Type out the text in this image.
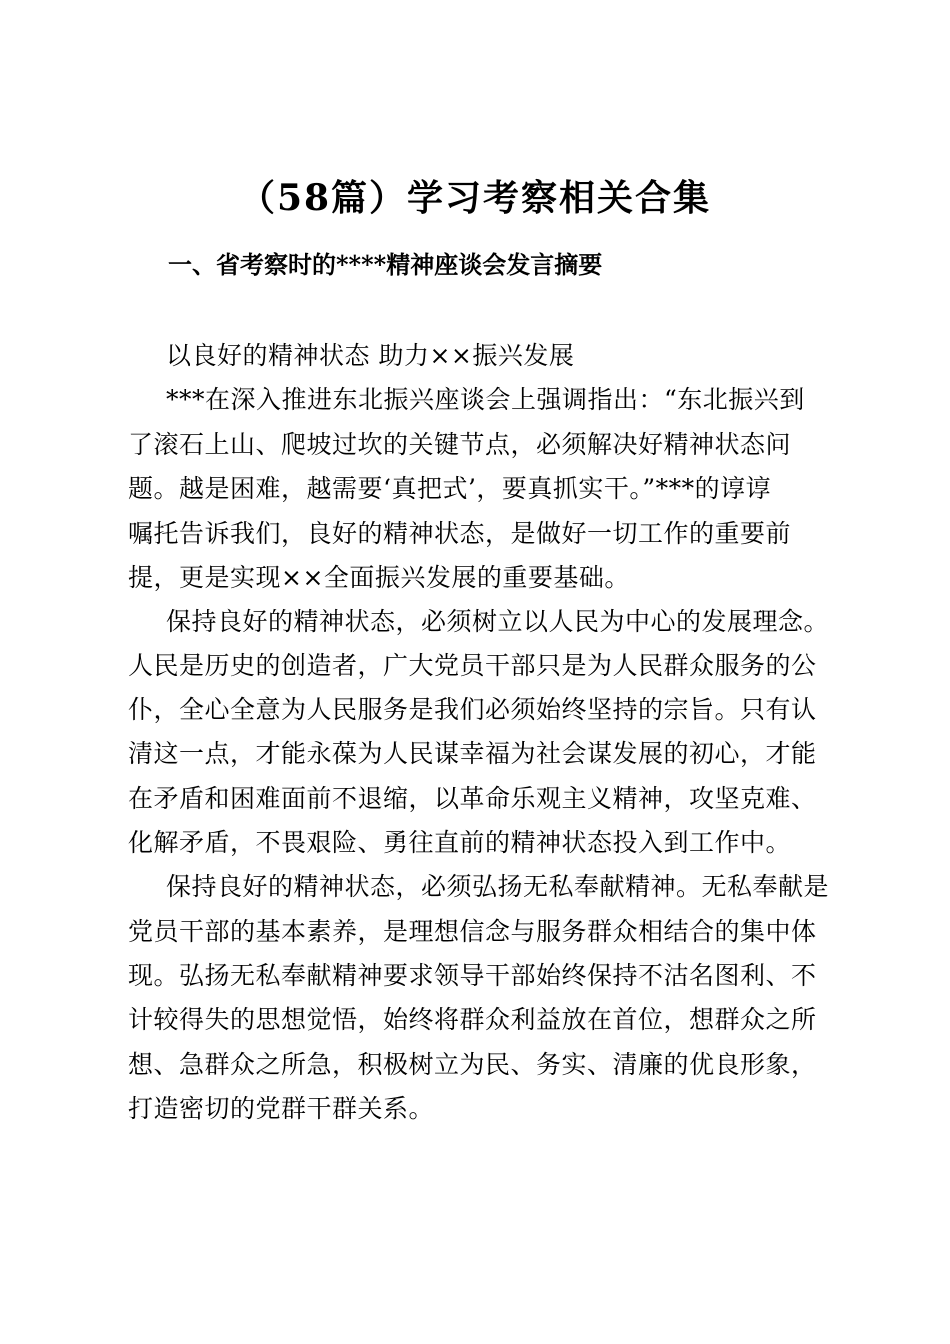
（58篇）学习考察相关合集
一、省考察时的****精神座谈会发言摘要
以良好的精神状态 助力××振兴发展
***在深入推进东北振兴座谈会上强调指出：“东北振兴到
了滚石上山、爬坡过坎的关键节点，必须解决好精神状态问
题。越是困难，越需要‘真把式’，要真抓实干。”***的谆谆
嘱托告诉我们，良好的精神状态，是做好一切工作的重要前
提，更是实现××全面振兴发展的重要基础。
保持良好的精神状态，必须树立以人民为中心的发展理念。
人民是历史的创造者，广大党员干部只是为人民群众服务的公
仆，全心全意为人民服务是我们必须始终坚持的宗旨。只有认
清这一点，才能永葆为人民谋幸福为社会谋发展的初心，才能
在矛盾和困难面前不退缩，以革命乐观主义精神，攻坚克难、
化解矛盾，不畏艰险、勇往直前的精神状态投入到工作中。
保持良好的精神状态，必须弘扬无私奉献精神。无私奉献是
党员干部的基本素养，是理想信念与服务群众相结合的集中体
现。弘扬无私奉献精神要求领导干部始终保持不沽名图利、不
计较得失的思想觉悟，始终将群众利益放在首位，想群众之所
想、急群众之所急，积极树立为民、务实、清廉的优良形象，
打造密切的党群干群关系。
